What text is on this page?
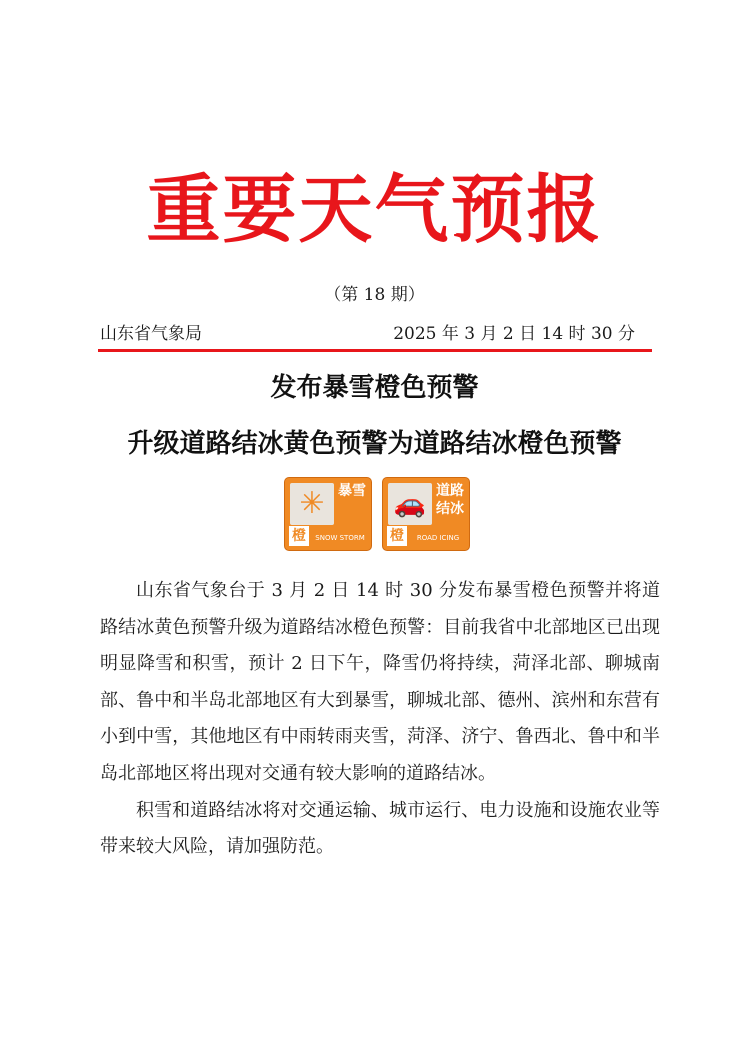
重要天气预报
（第 18 期）
山东省气象局	2025 年 3 月 2 日 14 时 30 分
发布暴雪橙色预警
升级道路结冰黄色预警为道路结冰橙色预警
✳ 暴雪
橙	SNOW STORM
🚗 道路结冰
橙	ROAD ICING

山东省气象台于 3 月 2 日 14 时 30 分发布暴雪橙色预警并将道路结冰黄色预警升级为道路结冰橙色预警：目前我省中北部地区已出现明显降雪和积雪，预计 2 日下午，降雪仍将持续，菏泽北部、聊城南部、鲁中和半岛北部地区有大到暴雪，聊城北部、德州、滨州和东营有小到中雪，其他地区有中雨转雨夹雪，菏泽、济宁、鲁西北、鲁中和半岛北部地区将出现对交通有较大影响的道路结冰。

积雪和道路结冰将对交通运输、城市运行、电力设施和设施农业等带来较大风险，请加强防范。
